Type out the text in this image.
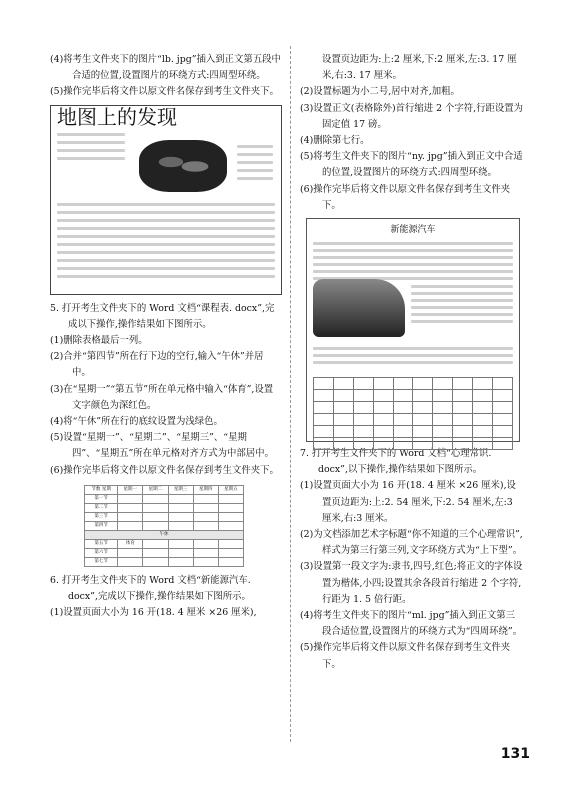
(4)将考生文件夹下的图片“lb. jpg”插入到正文第五段中合适的位置,设置图片的环绕方式:四周型环绕。
(5)操作完毕后将文件以原文件名保存到考生文件夹下。
地图上的发现
5. 打开考生文件夹下的 Word 文档“课程表. docx”,完成以下操作,操作结果如下图所示。
(1)删除表格最后一列。
(2)合并“第四节”所在行下边的空行,输入“午休”并居中。
(3)在“星期一”“第五节”所在单元格中输入“体育”,设置文字颜色为深红色。
(4)将“午休”所在行的底纹设置为浅绿色。
(5)设置“星期一”、“星期二”、“星期三”、“星期四”、“星期五”所在单元格对齐方式为中部居中。
(6)操作完毕后将文件以原文件名保存到考生文件夹下。
节数 星期	星期一	星期二	星期三	星期四	星期五
第一节					
第二节					
第三节					
第四节					
午休					
第五节	体育				
第六节					
第七节					
6. 打开考生文件夹下的 Word 文档“新能源汽车. docx”,完成以下操作,操作结果如下图所示。
(1)设置页面大小为 16 开(18. 4 厘米 ×26 厘米),
设置页边距为:上:2 厘米,下:2 厘米,左:3. 17 厘米,右:3. 17 厘米。
(2)设置标题为小二号,居中对齐,加粗。
(3)设置正文(表格除外)首行缩进 2 个字符,行距设置为固定值 17 磅。
(4)删除第七行。
(5)将考生文件夹下的图片“ny. jpg”插入到正文中合适的位置,设置图片的环绕方式:四周型环绕。
(6)操作完毕后将文件以原文件名保存到考生文件夹下。
新能源汽车

7. 打开考生文件夹下的 Word 文档“心理常识. docx”,以下操作,操作结果如下图所示。
(1)设置页面大小为 16 开(18. 4 厘米 ×26 厘米),设置页边距为:上:2. 54 厘米,下:2. 54 厘米,左:3 厘米,右:3 厘米。
(2)为文档添加艺术字标题“你不知道的三个心理常识”,样式为第三行第三列,文字环绕方式为“上下型”。
(3)设置第一段文字为:隶书,四号,红色;将正文的字体设置为楷体,小四;设置其余各段首行缩进 2 个字符,行距为 1. 5 倍行距。
(4)将考生文件夹下的图片“ml. jpg”插入到正文第三段合适位置,设置图片的环绕方式为“四周环绕”。
(5)操作完毕后将文件以原文件名保存到考生文件夹下。
131
